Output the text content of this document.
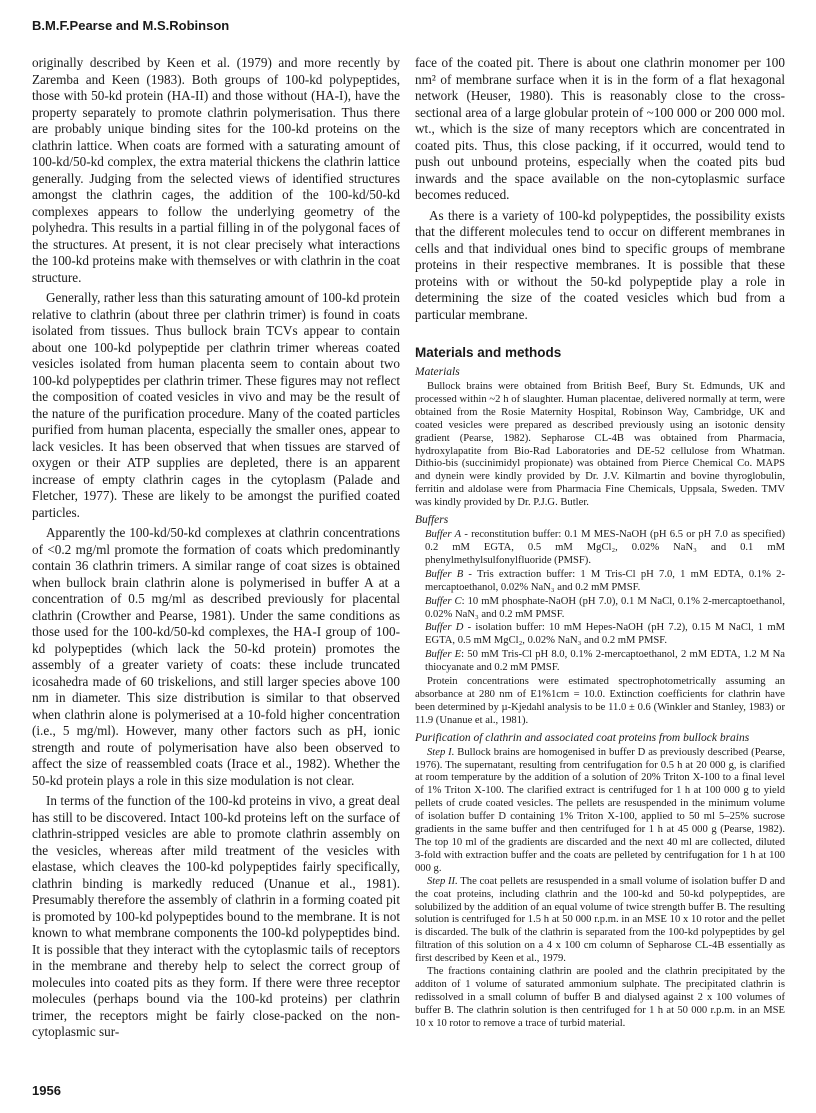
B.M.F.Pearse and M.S.Robinson

originally described by Keen et al. (1979) and more recently by Zaremba and Keen (1983). Both groups of 100-kd polypeptides, those with 50-kd protein (HA-II) and those without (HA-I), have the property separately to promote clathrin polymerisation. Thus there are probably unique binding sites for the 100-kd proteins on the clathrin lattice. When coats are formed with a saturating amount of 100-kd/50-kd complex, the extra material thickens the clathrin lattice generally. Judging from the selected views of identified structures amongst the clathrin cages, the addition of the 100-kd/50-kd complexes appears to follow the underlying geometry of the polyhedra. This results in a partial filling in of the polygonal faces of the structures. At present, it is not clear precisely what interactions the 100-kd proteins make with themselves or with clathrin in the coat structure.

Generally, rather less than this saturating amount of 100-kd protein relative to clathrin (about three per clathrin trimer) is found in coats isolated from tissues. Thus bullock brain TCVs appear to contain about one 100-kd polypeptide per clathrin trimer whereas coated vesicles isolated from human placenta seem to contain about two 100-kd polypeptides per clathrin trimer. These figures may not reflect the composition of coated vesicles in vivo and may be the result of the nature of the purification procedure. Many of the coated particles purified from human placenta, especially the smaller ones, appear to lack vesicles. It has been observed that when tissues are starved of oxygen or their ATP supplies are depleted, there is an apparent increase of empty clathrin cages in the cytoplasm (Palade and Fletcher, 1977). These are likely to be amongst the purified coated particles.

Apparently the 100-kd/50-kd complexes at clathrin concentrations of <0.2 mg/ml promote the formation of coats which predominantly contain 36 clathrin trimers. A similar range of coat sizes is obtained when bullock brain clathrin alone is polymerised in buffer A at a concentration of 0.5 mg/ml as described previously for placental clathrin (Crowther and Pearse, 1981). Under the same conditions as those used for the 100-kd/50-kd complexes, the HA-I group of 100-kd polypeptides (which lack the 50-kd protein) promotes the assembly of a greater variety of coats: these include truncated icosahedra made of 60 triskelions, and still larger species above 100 nm in diameter. This size distribution is similar to that observed when clathrin alone is polymerised at a 10-fold higher concentration (i.e., 5 mg/ml). However, many other factors such as pH, ionic strength and route of polymerisation have also been observed to affect the size of reassembled coats (Irace et al., 1982). Whether the 50-kd protein plays a role in this size modulation is not clear.

In terms of the function of the 100-kd proteins in vivo, a great deal has still to be discovered. Intact 100-kd proteins left on the surface of clathrin-stripped vesicles are able to promote clathrin assembly on the vesicles, whereas after mild treatment of the vesicles with elastase, which cleaves the 100-kd polypeptides fairly specifically, clathrin binding is markedly reduced (Unanue et al., 1981). Presumably therefore the assembly of clathrin in a forming coated pit is promoted by 100-kd polypeptides bound to the membrane. It is not known to what membrane components the 100-kd polypeptides bind. It is possible that they interact with the cytoplasmic tails of receptors in the membrane and thereby help to select the correct group of molecules into coated pits as they form. If there were three receptor molecules (perhaps bound via the 100-kd proteins) per clathrin trimer, the receptors might be fairly close-packed on the non-cytoplasmic sur-

face of the coated pit. There is about one clathrin monomer per 100 nm² of membrane surface when it is in the form of a flat hexagonal network (Heuser, 1980). This is reasonably close to the cross-sectional area of a large globular protein of ~100 000 or 200 000 mol. wt., which is the size of many receptors which are concentrated in coated pits. Thus, this close packing, if it occurred, would tend to push out unbound proteins, especially when the coated pits bud inwards and the space available on the non-cytoplasmic surface becomes reduced.

As there is a variety of 100-kd polypeptides, the possibility exists that the different molecules tend to occur on different membranes in cells and that individual ones bind to specific groups of membrane proteins in their respective membranes. It is possible that these proteins with or without the 50-kd polypeptide play a role in determining the size of the coated vesicles which bud from a particular membrane.

Materials and methods
Materials

Bullock brains were obtained from British Beef, Bury St. Edmunds, UK and processed within ~2 h of slaughter. Human placentae, delivered normally at term, were obtained from the Rosie Maternity Hospital, Robinson Way, Cambridge, UK and coated vesicles were prepared as described previously using an isotonic density gradient (Pearse, 1982). Sepharose CL-4B was obtained from Pharmacia, hydroxylapatite from Bio-Rad Laboratories and DE-52 cellulose from Whatman. Dithio-bis (succinimidyl propionate) was obtained from Pierce Chemical Co. MAPS and dynein were kindly provided by Dr. J.V. Kilmartin and bovine thyroglobulin, ferritin and aldolase were from Pharmacia Fine Chemicals, Uppsala, Sweden. TMV was kindly provided by Dr. P.J.G. Butler.

Buffers

Buffer A - reconstitution buffer: 0.1 M MES-NaOH (pH 6.5 or pH 7.0 as specified) 0.2 mM EGTA, 0.5 mM MgCl₂, 0.02% NaN₃ and 0.1 mM phenylmethylsulfonylfluoride (PMSF).

Buffer B - Tris extraction buffer: 1 M Tris-Cl pH 7.0, 1 mM EDTA, 0.1% 2-mercaptoethanol, 0.02% NaN₃ and 0.2 mM PMSF.

Buffer C: 10 mM phosphate-NaOH (pH 7.0), 0.1 M NaCl, 0.1% 2-mercaptoethanol, 0.02% NaN₃ and 0.2 mM PMSF.

Buffer D - isolation buffer: 10 mM Hepes-NaOH (pH 7.2), 0.15 M NaCl, 1 mM EGTA, 0.5 mM MgCl₂, 0.02% NaN₃ and 0.2 mM PMSF.

Buffer E: 50 mM Tris-Cl pH 8.0, 0.1% 2-mercaptoethanol, 2 mM EDTA, 1.2 M Na thiocyanate and 0.2 mM PMSF.

Protein concentrations were estimated spectrophotometrically assuming an absorbance at 280 nm of E1%1cm = 10.0. Extinction coefficients for clathrin have been determined by µ-Kjedahl analysis to be 11.0 ± 0.6 (Winkler and Stanley, 1983) or 11.9 (Unanue et al., 1981).

Purification of clathrin and associated coat proteins from bullock brains

Step I. Bullock brains are homogenised in buffer D as previously described (Pearse, 1976). The supernatant, resulting from centrifugation for 0.5 h at 20 000 g, is clarified at room temperature by the addition of a solution of 20% Triton X-100 to a final level of 1% Triton X-100. The clarified extract is centrifuged for 1 h at 100 000 g to yield pellets of crude coated vesicles. The pellets are resuspended in the minimum volume of isolation buffer D containing 1% Triton X-100, applied to 50 ml 5–25% sucrose gradients in the same buffer and then centrifuged for 1 h at 45 000 g (Pearse, 1982). The top 10 ml of the gradients are discarded and the next 40 ml are collected, diluted 3-fold with extraction buffer and the coats are pelleted by centrifugation for 1 h at 100 000 g.

Step II. The coat pellets are resuspended in a small volume of isolation buffer D and the coat proteins, including clathrin and the 100-kd and 50-kd polypeptides, are solubilized by the addition of an equal volume of twice strength buffer B. The resulting solution is centrifuged for 1.5 h at 50 000 r.p.m. in an MSE 10 x 10 rotor and the pellet is discarded. The bulk of the clathrin is separated from the 100-kd polypeptides by gel filtration of this solution on a 4 x 100 cm column of Sepharose CL-4B essentially as first described by Keen et al., 1979.

The fractions containing clathrin are pooled and the clathrin precipitated by the additon of 1 volume of saturated ammonium sulphate. The precipitated clathrin is redissolved in a small column of buffer B and dialysed against 2 x 100 volumes of buffer B. The clathrin solution is then centrifuged for 1 h at 50 000 r.p.m. in an MSE 10 x 10 rotor to remove a trace of turbid material.

1956
